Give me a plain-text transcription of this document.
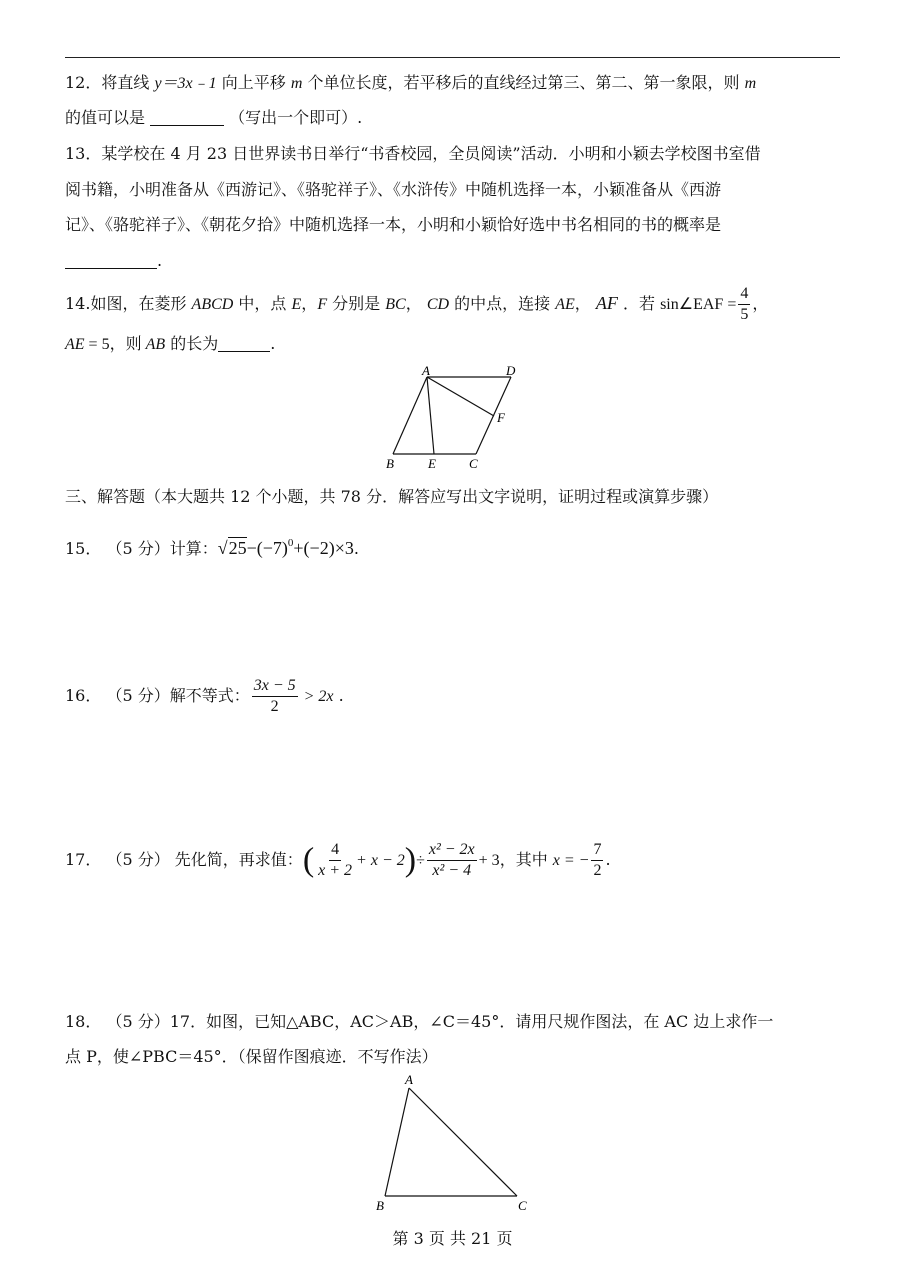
12．将直线 y＝3x﹣1 向上平移 m 个单位长度，若平移后的直线经过第三、第二、第一象限，则 m
的值可以是	（写出一个即可）.
13．某学校在 4 月 23 日世界读书日举行“书香校园，全员阅读”活动．小明和小颖去学校图书室借
阅书籍，小明准备从《西游记》、《骆驼祥子》、《水浒传》中随机选择一本，小颖准备从《西游
记》、《骆驼祥子》、《朝花夕拾》中随机选择一本，小明和小颖恰好选中书名相同的书的概率是
.
14.如图，在菱形 ABCD 中，点 E，F 分别是 BC， CD 的中点，连接 AE， AF ．若 sin∠EAF = $\frac{4}{5}$ ，
AE = 5，则 AB 的长为	.
A	D
F
B	E	C
三、解答题（本大题共 12 个小题，共 78 分．解答应写出文字说明，证明过程或演算步骤）
15． （5 分）计算：$√25-(-7)^0+(-2)\times 3$.
16． （5 分）解不等式： $\frac{3x - 5}{2} > 2x$ .
17． （5 分） 先化简，再求值：( $\frac{4}{x + 2} + x - 2)\div \frac{\text{x² − 2x}}{\text{x² − 4}} + 3$，其中 x = − $\frac{7}{2}$ .
18． （5 分）17．如图，已知△ABC，AC＞AB，∠C＝45°．请用尺规作图法，在 AC 边上求作一
点 P，使∠PBC＝45°．（保留作图痕迹．不写作法）
A
B	C
第 3 页 共 21 页
